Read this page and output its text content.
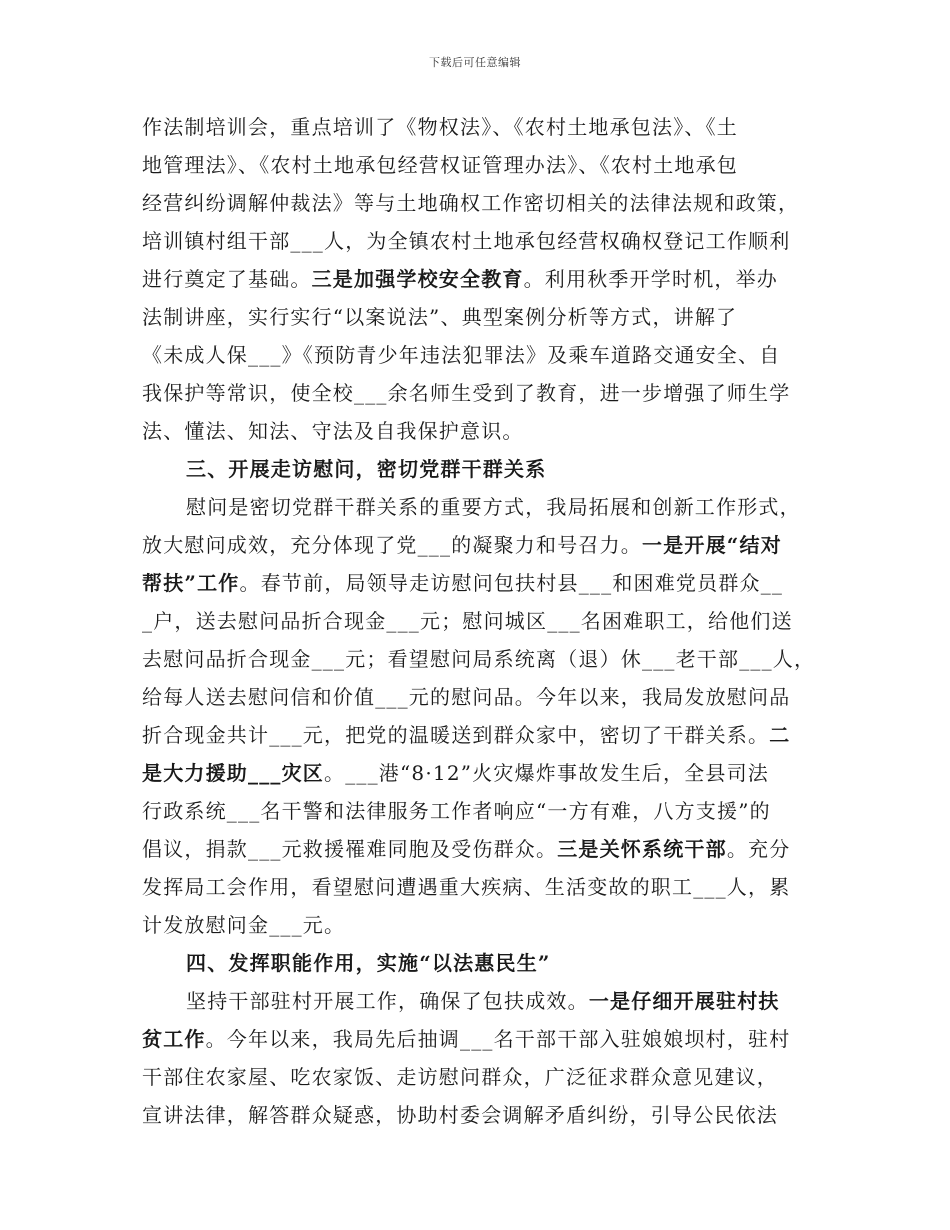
下载后可任意编辑
作法制培训会，重点培训了《物权法》、《农村土地承包法》、《土
地管理法》、《农村土地承包经营权证管理办法》、《农村土地承包
经营纠纷调解仲裁法》等与土地确权工作密切相关的法律法规和政策，
培训镇村组干部___人，为全镇农村土地承包经营权确权登记工作顺利
进行奠定了基础。三是加强学校安全教育。利用秋季开学时机，举办
法制讲座，实行实行“以案说法”、典型案例分析等方式，讲解了
《未成人保___》《预防青少年违法犯罪法》及乘车道路交通安全、自
我保护等常识，使全校___余名师生受到了教育，进一步增强了师生学
法、懂法、知法、守法及自我保护意识。
三、开展走访慰问，密切党群干群关系
慰问是密切党群干群关系的重要方式，我局拓展和创新工作形式，
放大慰问成效，充分体现了党___的凝聚力和号召力。一是开展“结对
帮扶”工作。春节前，局领导走访慰问包扶村县___和困难党员群众__
_户，送去慰问品折合现金___元；慰问城区___名困难职工，给他们送
去慰问品折合现金___元；看望慰问局系统离（退）休___老干部___人，
给每人送去慰问信和价值___元的慰问品。今年以来，我局发放慰问品
折合现金共计___元，把党的温暖送到群众家中，密切了干群关系。二
是大力援助___灾区。___港“8·12”火灾爆炸事故发生后，全县司法
行政系统___名干警和法律服务工作者响应“一方有难，八方支援”的
倡议，捐款___元救援罹难同胞及受伤群众。三是关怀系统干部。充分
发挥局工会作用，看望慰问遭遇重大疾病、生活变故的职工___人，累
计发放慰问金___元。
四、发挥职能作用，实施“以法惠民生”
坚持干部驻村开展工作，确保了包扶成效。一是仔细开展驻村扶
贫工作。今年以来，我局先后抽调___名干部干部入驻娘娘坝村，驻村
干部住农家屋、吃农家饭、走访慰问群众，广泛征求群众意见建议，
宣讲法律，解答群众疑惑，协助村委会调解矛盾纠纷，引导公民依法
